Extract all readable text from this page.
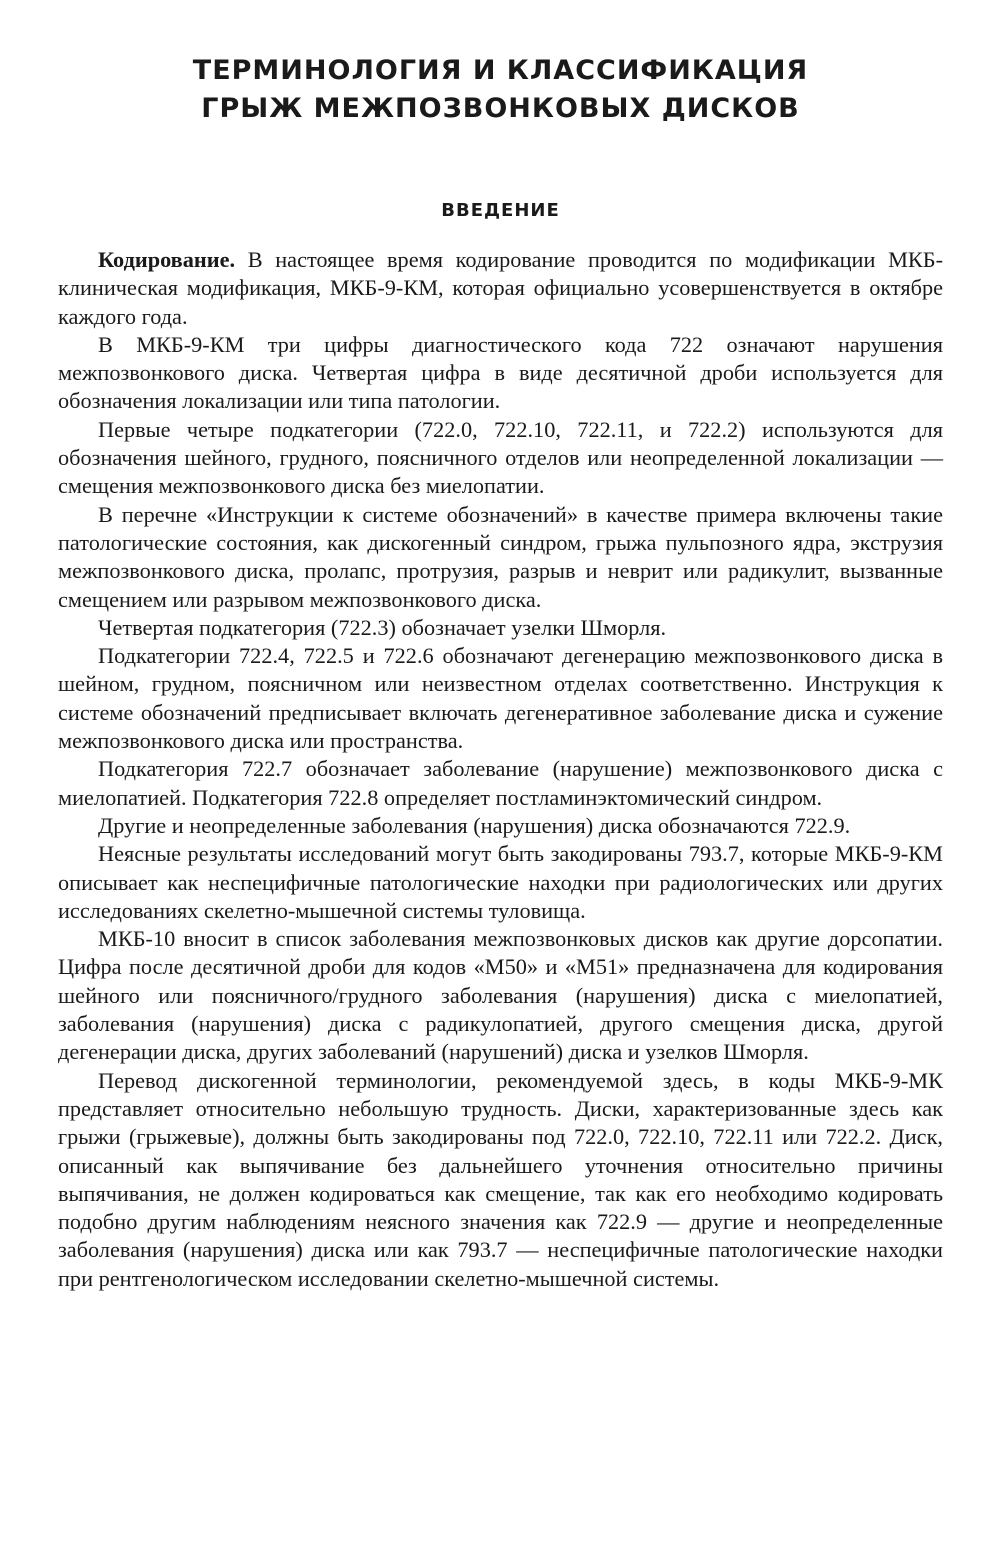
ТЕРМИНОЛОГИЯ И КЛАССИФИКАЦИЯ
ГРЫЖ МЕЖПОЗВОНКОВЫХ ДИСКОВ
ВВЕДЕНИЕ

Кодирование. В настоящее время кодирование проводится по модификации МКБ-клиническая модификация, МКБ-9-КМ, которая официально усовершенствуется в октябре каждого года.

В МКБ-9-КМ три цифры диагностического кода 722 означают нарушения межпозвонкового диска. Четвертая цифра в виде десятичной дроби используется для обозначения локализации или типа патологии.

Первые четыре подкатегории (722.0, 722.10, 722.11, и 722.2) используются для обозначения шейного, грудного, поясничного отделов или неопределенной локализации — смещения межпозвонкового диска без миелопатии.

В перечне «Инструкции к системе обозначений» в качестве примера включены такие патологические состояния, как дискогенный синдром, грыжа пульпозного ядра, экструзия межпозвонкового диска, пролапс, протрузия, разрыв и неврит или радикулит, вызванные смещением или разрывом межпозвонкового диска.

Четвертая подкатегория (722.3) обозначает узелки Шморля.

Подкатегории 722.4, 722.5 и 722.6 обозначают дегенерацию межпозвонкового диска в шейном, грудном, поясничном или неизвестном отделах соответственно. Инструкция к системе обозначений предписывает включать дегенеративное заболевание диска и сужение межпозвонкового диска или пространства.

Подкатегория 722.7 обозначает заболевание (нарушение) межпозвонкового диска с миелопатией. Подкатегория 722.8 определяет постламинэктомический синдром.

Другие и неопределенные заболевания (нарушения) диска обозначаются 722.9.

Неясные результаты исследований могут быть закодированы 793.7, которые МКБ-9-КМ описывает как неспецифичные патологические находки при радиологических или других исследованиях скелетно-мышечной системы туловища.

МКБ-10 вносит в список заболевания межпозвонковых дисков как другие дорсопатии. Цифра после десятичной дроби для кодов «М50» и «М51» предназначена для кодирования шейного или поясничного/грудного заболевания (нарушения) диска с миелопатией, заболевания (нарушения) диска с радикулопатией, другого смещения диска, другой дегенерации диска, других заболеваний (нарушений) диска и узелков Шморля.

Перевод дискогенной терминологии, рекомендуемой здесь, в коды МКБ-9-МК представляет относительно небольшую трудность. Диски, характеризованные здесь как грыжи (грыжевые), должны быть закодированы под 722.0, 722.10, 722.11 или 722.2. Диск, описанный как выпячивание без дальнейшего уточнения относительно причины выпячивания, не должен кодироваться как смещение, так как его необходимо кодировать подобно другим наблюдениям неясного значения как 722.9 — другие и неопределенные заболевания (нарушения) диска или как 793.7 — неспецифичные патологические находки при рентгенологическом исследовании скелетно-мышечной системы.
